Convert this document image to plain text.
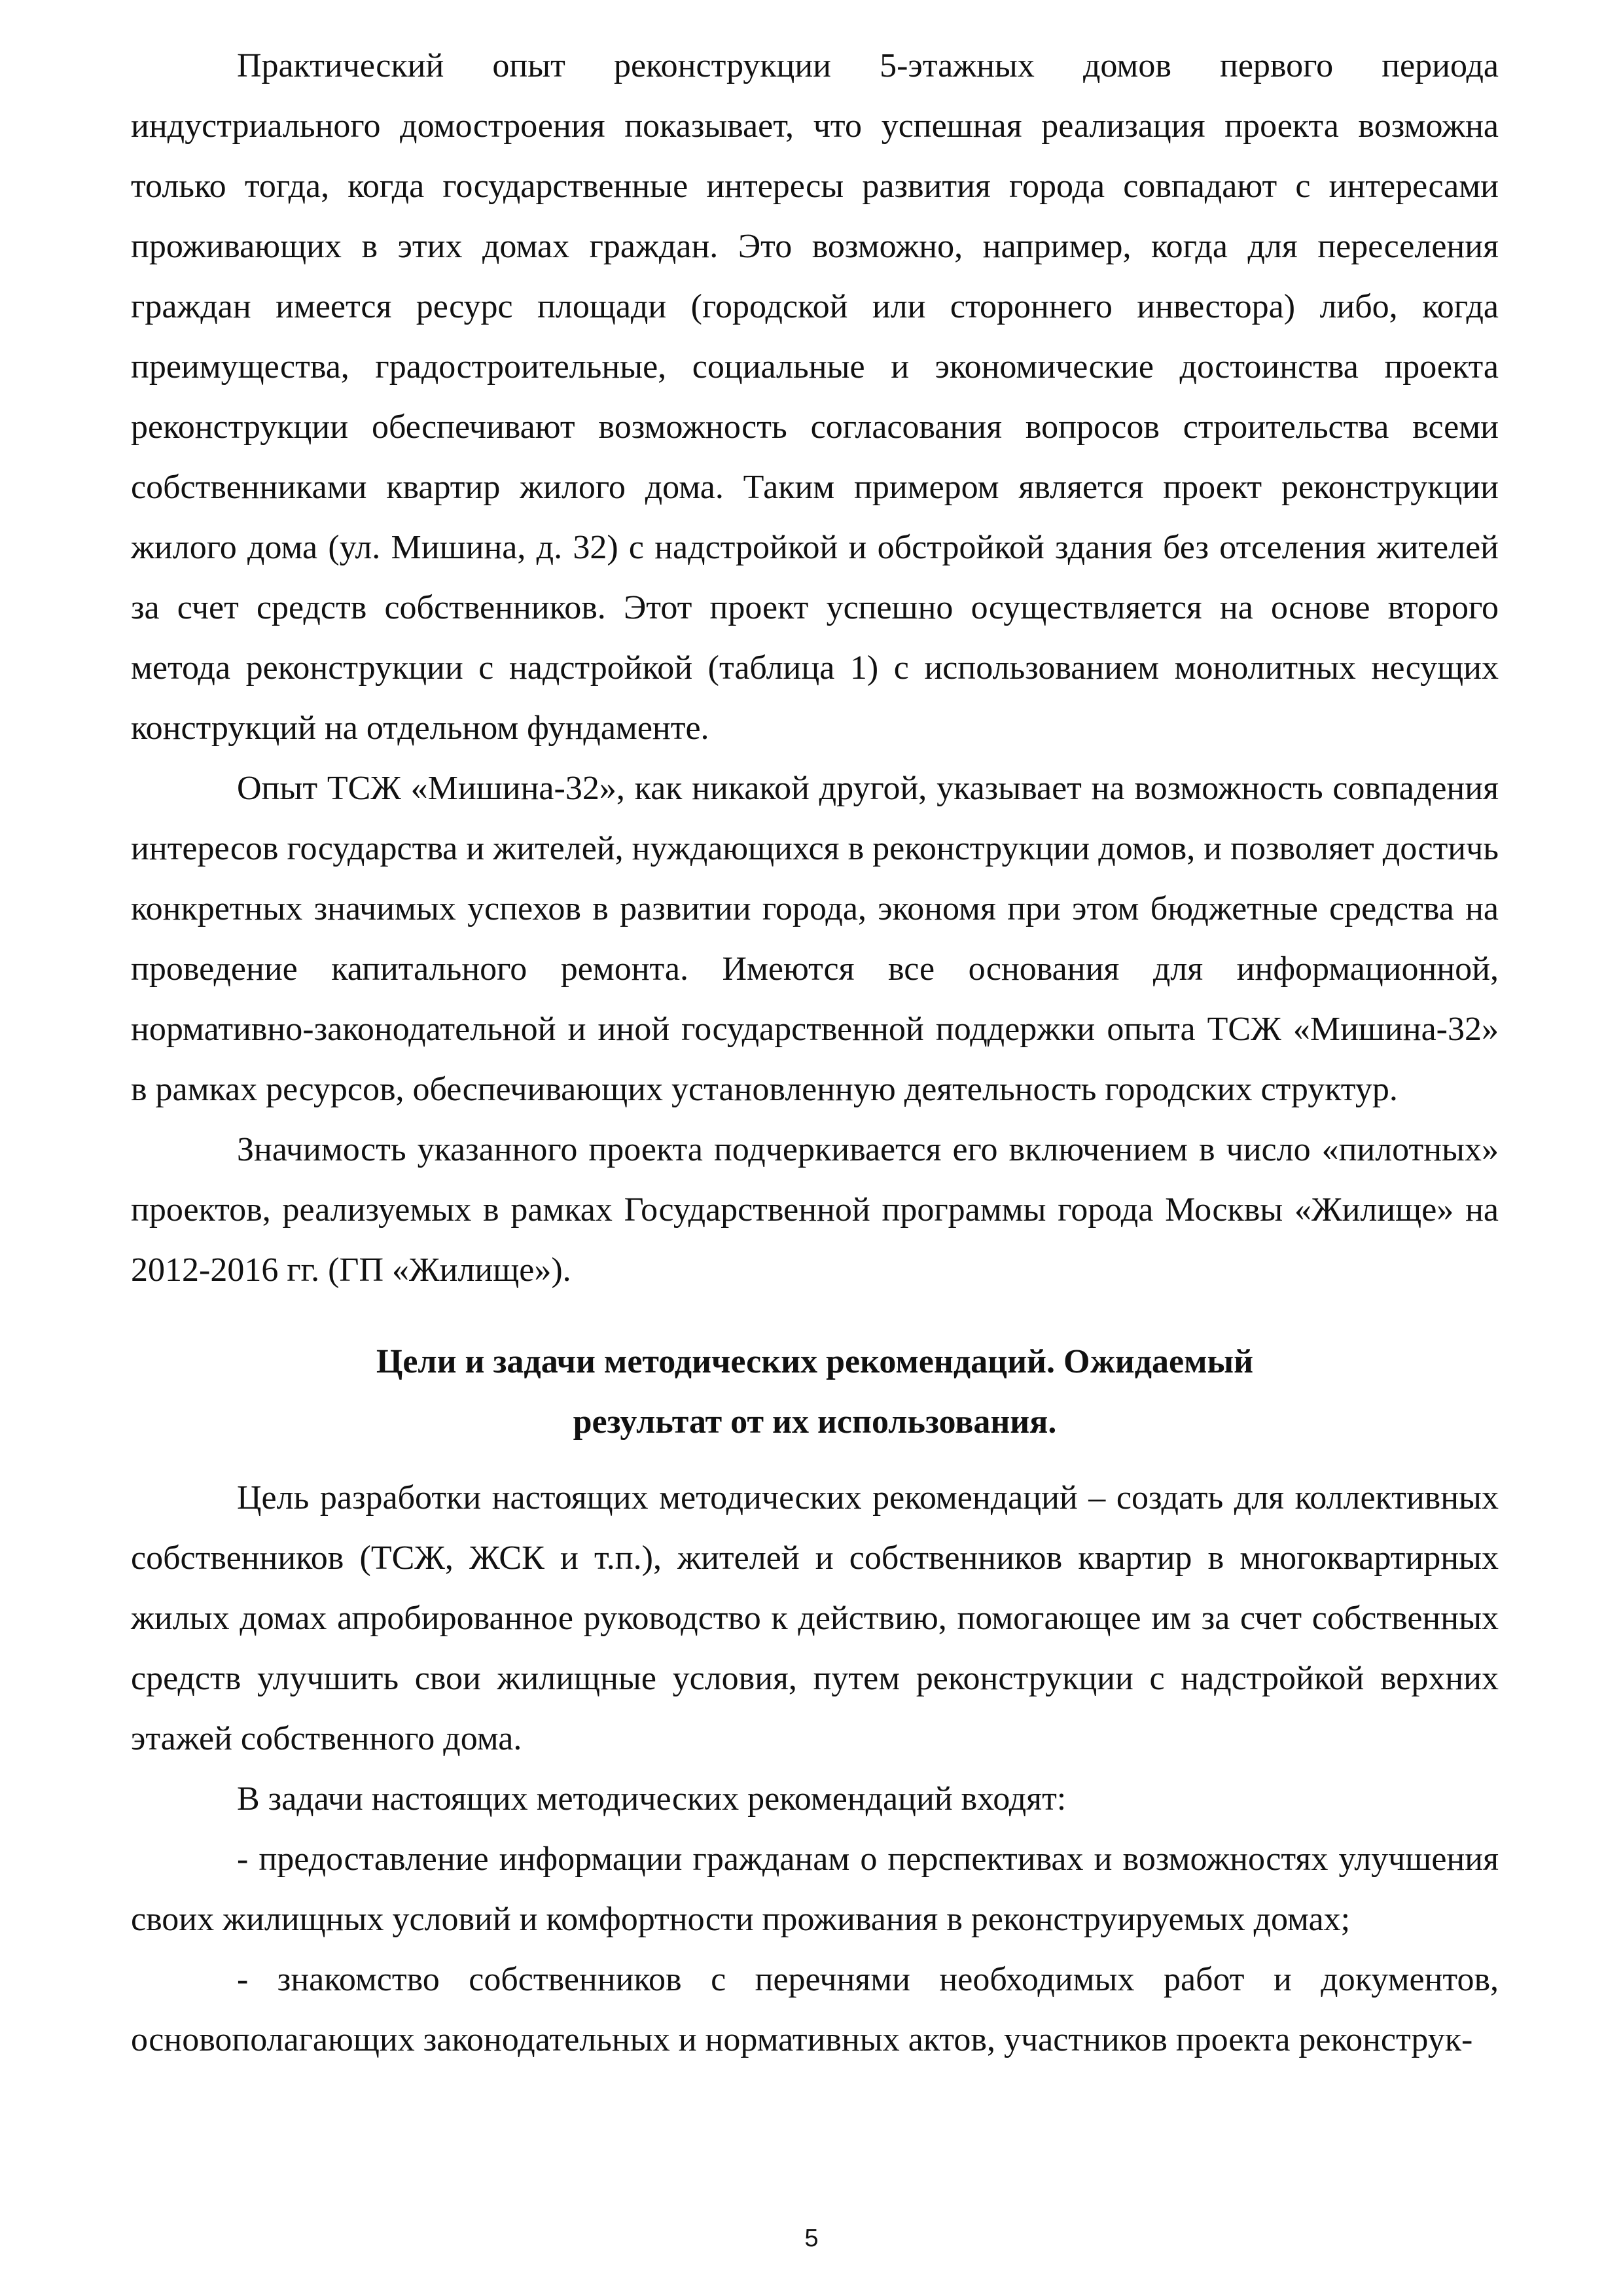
Практический опыт реконструкции 5-этажных домов первого периода индустриального домостроения показывает, что успешная реализация проекта возможна только тогда, когда государственные интересы развития города совпадают с интересами проживающих в этих домах граждан. Это возможно, например, когда для переселения граждан имеется ресурс площади (городской или стороннего инвестора) либо, когда преимущества, градостроительные, социальные и экономические достоинства проекта реконструкции обеспечивают возможность согласования вопросов строительства всеми собственниками квартир жилого дома. Таким примером является проект реконструкции жилого дома (ул. Мишина, д. 32) с надстройкой и обстройкой здания без отселения жителей за счет средств собственников. Этот проект успешно осуществляется на основе второго метода реконструкции с надстройкой (таблица 1) с использованием монолитных несущих конструкций на отдельном фундаменте.

Опыт ТСЖ «Мишина-32», как никакой другой, указывает на возможность совпадения интересов государства и жителей, нуждающихся в реконструкции домов, и позволяет достичь конкретных значимых успехов в развитии города, экономя при этом бюджетные средства на проведение капитального ремонта. Имеются все основания для информационной, нормативно-законодательной и иной государственной поддержки опыта ТСЖ «Мишина-32» в рамках ресурсов, обеспечивающих установленную деятельность городских структур.

Значимость указанного проекта подчеркивается его включением в число «пилотных» проектов, реализуемых в рамках Государственной программы города Москвы «Жилище» на 2012-2016 гг. (ГП «Жилище»).

Цели и задачи методических рекомендаций. Ожидаемый
результат от их использования.

Цель разработки настоящих методических рекомендаций – создать для коллективных собственников (ТСЖ, ЖСК и т.п.), жителей и собственников квартир в многоквартирных жилых домах апробированное руководство к действию, помогающее им за счет собственных средств улучшить свои жилищные условия, путем реконструкции с надстройкой верхних этажей собственного дома.

В задачи настоящих методических рекомендаций входят:

- предоставление информации гражданам о перспективах и возможностях улучшения своих жилищных условий и комфортности проживания в реконструируемых домах;

- знакомство собственников с перечнями необходимых работ и документов, основополагающих законодательных и нормативных актов, участников проекта реконструк-

5
